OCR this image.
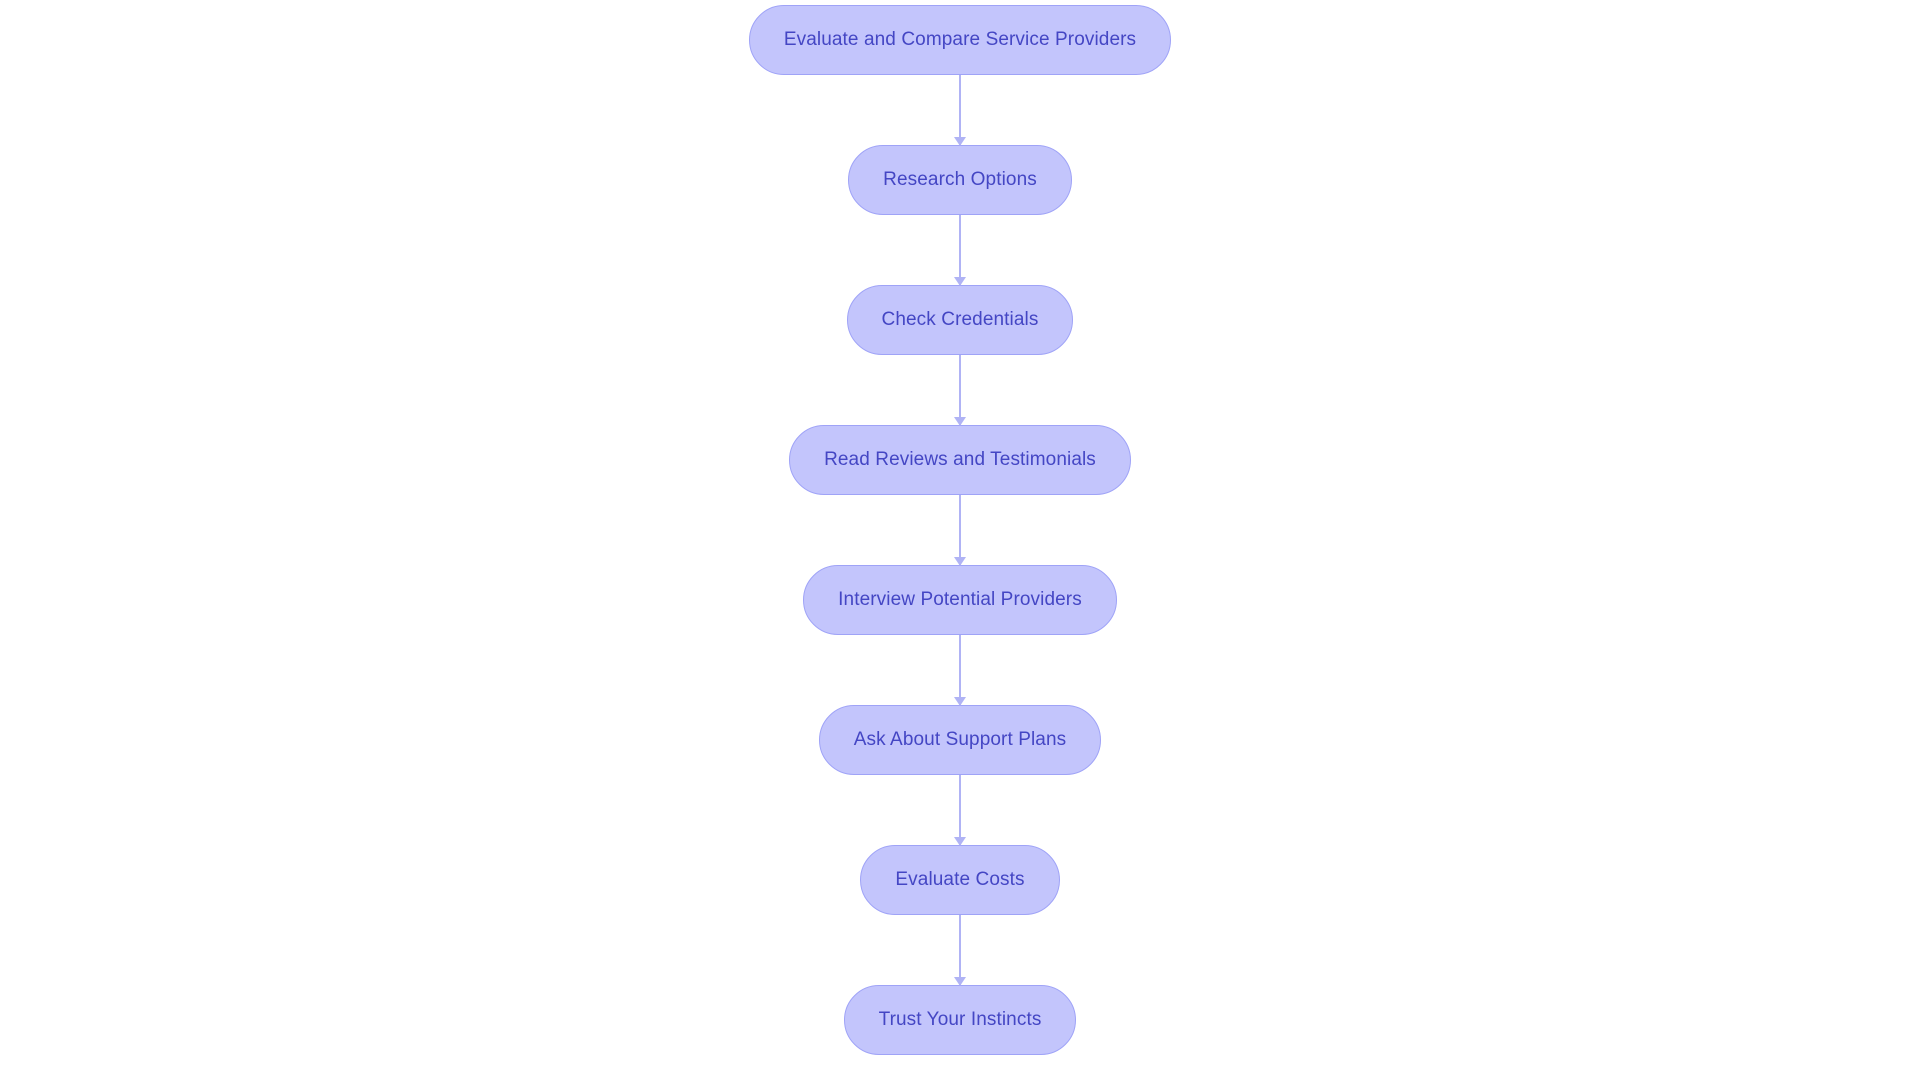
Evaluate and Compare Service Providers
Research Options
Check Credentials
Read Reviews and Testimonials
Interview Potential Providers
Ask About Support Plans
Evaluate Costs
Trust Your Instincts
